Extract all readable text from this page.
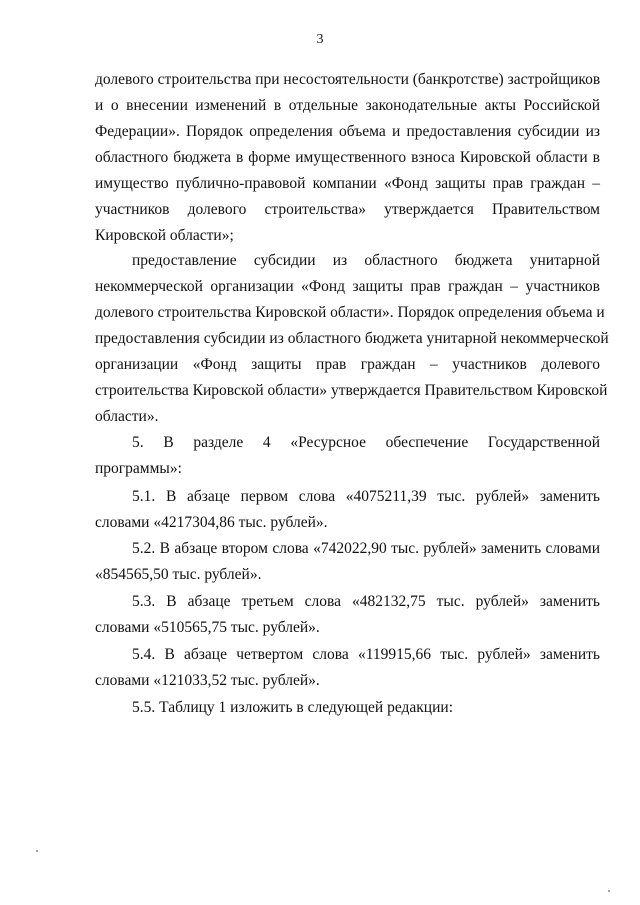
3
долевого строительства при несостоятельности (банкротстве) застройщиков
и о внесении изменений в отдельные законодательные акты Российской
Федерации». Порядок определения объема и предоставления субсидии из
областного бюджета в форме имущественного взноса Кировской области в
имущество публично-правовой компании «Фонд защиты прав граждан –
участников долевого строительства» утверждается Правительством
Кировской области»;
предоставление субсидии из областного бюджета унитарной
некоммерческой организации «Фонд защиты прав граждан – участников
долевого строительства Кировской области». Порядок определения объема и
предоставления субсидии из областного бюджета унитарной некоммерческой
организации «Фонд защиты прав граждан – участников долевого
строительства Кировской области» утверждается Правительством Кировской
области».
5. В разделе 4 «Ресурсное обеспечение Государственной
программы»:
5.1. В абзаце первом слова «4075211,39 тыс. рублей» заменить
словами «4217304,86 тыс. рублей».
5.2. В абзаце втором слова «742022,90 тыс. рублей» заменить словами
«854565,50 тыс. рублей».
5.3. В абзаце третьем слова «482132,75 тыс. рублей» заменить
словами «510565,75 тыс. рублей».
5.4. В абзаце четвертом слова «119915,66 тыс. рублей» заменить
словами «121033,52 тыс. рублей».
5.5. Таблицу 1 изложить в следующей редакции:
